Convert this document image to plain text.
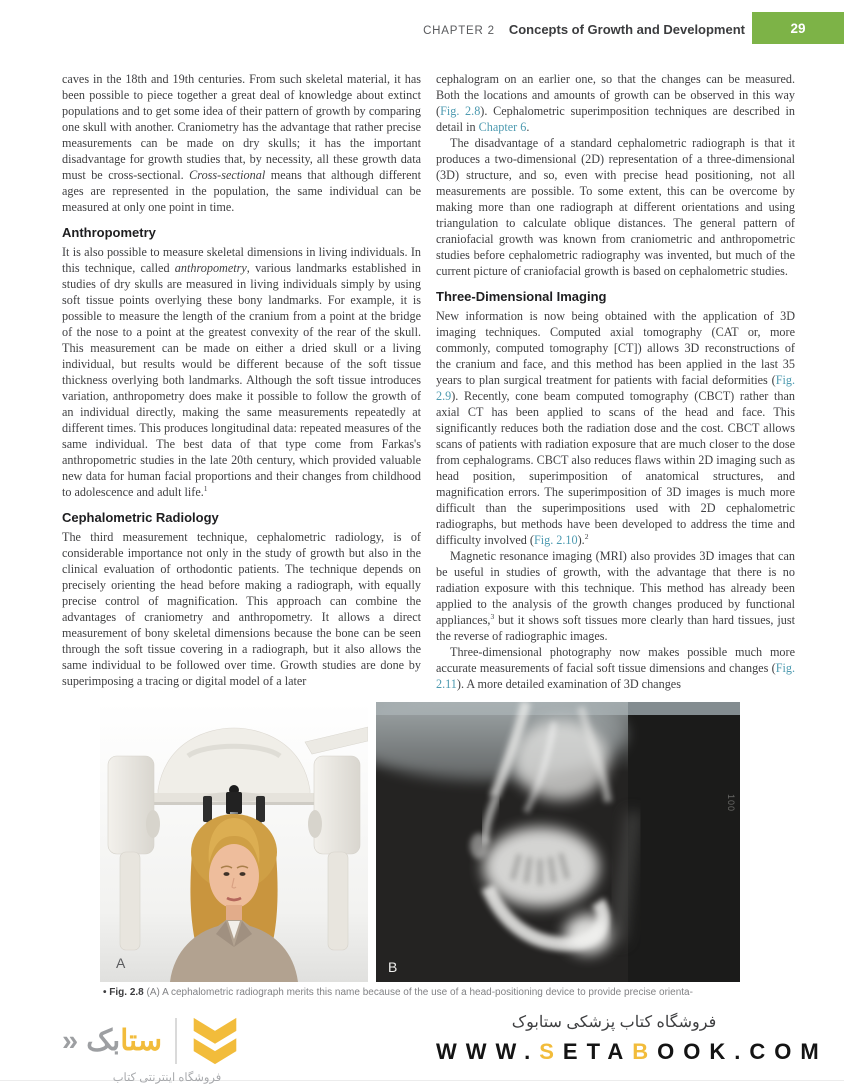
CHAPTER 2 Concepts of Growth and Development	29

caves in the 18th and 19th centuries. From such skeletal material, it has been possible to piece together a great deal of knowledge about extinct populations and to get some idea of their pattern of growth by comparing one skull with another. Craniometry has the advantage that rather precise measurements can be made on dry skulls; it has the important disadvantage for growth studies that, by necessity, all these growth data must be cross-sectional. Cross-sectional means that although different ages are represented in the population, the same individual can be measured at only one point in time.

Anthropometry

It is also possible to measure skeletal dimensions in living individuals. In this technique, called anthropometry, various landmarks established in studies of dry skulls are measured in living individuals simply by using soft tissue points overlying these bony landmarks. For example, it is possible to measure the length of the cranium from a point at the bridge of the nose to a point at the greatest convexity of the rear of the skull. This measurement can be made on either a dried skull or a living individual, but results would be different because of the soft tissue thickness overlying both landmarks. Although the soft tissue introduces variation, anthropometry does make it possible to follow the growth of an individual directly, making the same measurements repeatedly at different times. This produces longitudinal data: repeated measures of the same individual. The best data of that type come from Farkas's anthropometric studies in the late 20th century, which provided valuable new data for human facial proportions and their changes from childhood to adolescence and adult life.$^1$

Cephalometric Radiology

The third measurement technique, cephalometric radiology, is of considerable importance not only in the study of growth but also in the clinical evaluation of orthodontic patients. The technique depends on precisely orienting the head before making a radiograph, with equally precise control of magnification. This approach can combine the advantages of craniometry and anthropometry. It allows a direct measurement of bony skeletal dimensions because the bone can be seen through the soft tissue covering in a radiograph, but it also allows the same individual to be followed over time. Growth studies are done by superimposing a tracing or digital model of a later

cephalogram on an earlier one, so that the changes can be measured. Both the locations and amounts of growth can be observed in this way (Fig. 2.8). Cephalometric superimposition techniques are described in detail in Chapter 6.

The disadvantage of a standard cephalometric radiograph is that it produces a two-dimensional (2D) representation of a three-dimensional (3D) structure, and so, even with precise head positioning, not all measurements are possible. To some extent, this can be overcome by making more than one radiograph at different orientations and using triangulation to calculate oblique distances. The general pattern of craniofacial growth was known from craniometric and anthropometric studies before cephalometric radiography was invented, but much of the current picture of craniofacial growth is based on cephalometric studies.

Three-Dimensional Imaging

New information is now being obtained with the application of 3D imaging techniques. Computed axial tomography (CAT or, more commonly, computed tomography [CT]) allows 3D reconstructions of the cranium and face, and this method has been applied in the last 35 years to plan surgical treatment for patients with facial deformities (Fig. 2.9). Recently, cone beam computed tomography (CBCT) rather than axial CT has been applied to scans of the head and face. This significantly reduces both the radiation dose and the cost. CBCT allows scans of patients with radiation exposure that are much closer to the dose from cephalograms. CBCT also reduces flaws within 2D imaging such as head position, superimposition of anatomical structures, and magnification errors. The superimposition of 3D images is much more difficult than the superimpositions used with 2D cephalometric radiographs, but methods have been developed to address the time and difficulty involved (Fig. 2.10).$^2$

Magnetic resonance imaging (MRI) also provides 3D images that can be useful in studies of growth, with the advantage that there is no radiation exposure with this technique. This method has already been applied to the analysis of the growth changes produced by functional appliances,$^3$ but it shows soft tissues more clearly than hard tissues, just the reverse of radiographic images.

Three-dimensional photography now makes possible much more accurate measurements of facial soft tissue dimensions and changes (Fig. 2.11). A more detailed examination of 3D changes

A
100
B
• Fig. 2.8 (A) A cephalometric radiograph merits this name because of the use of a head-positioning device to provide precise orienta-
ستابک «
فروشگاه اینترنتی کتاب
فروشگاه کتاب پزشکی ستابوک
WWW.SETABOOK.COM
